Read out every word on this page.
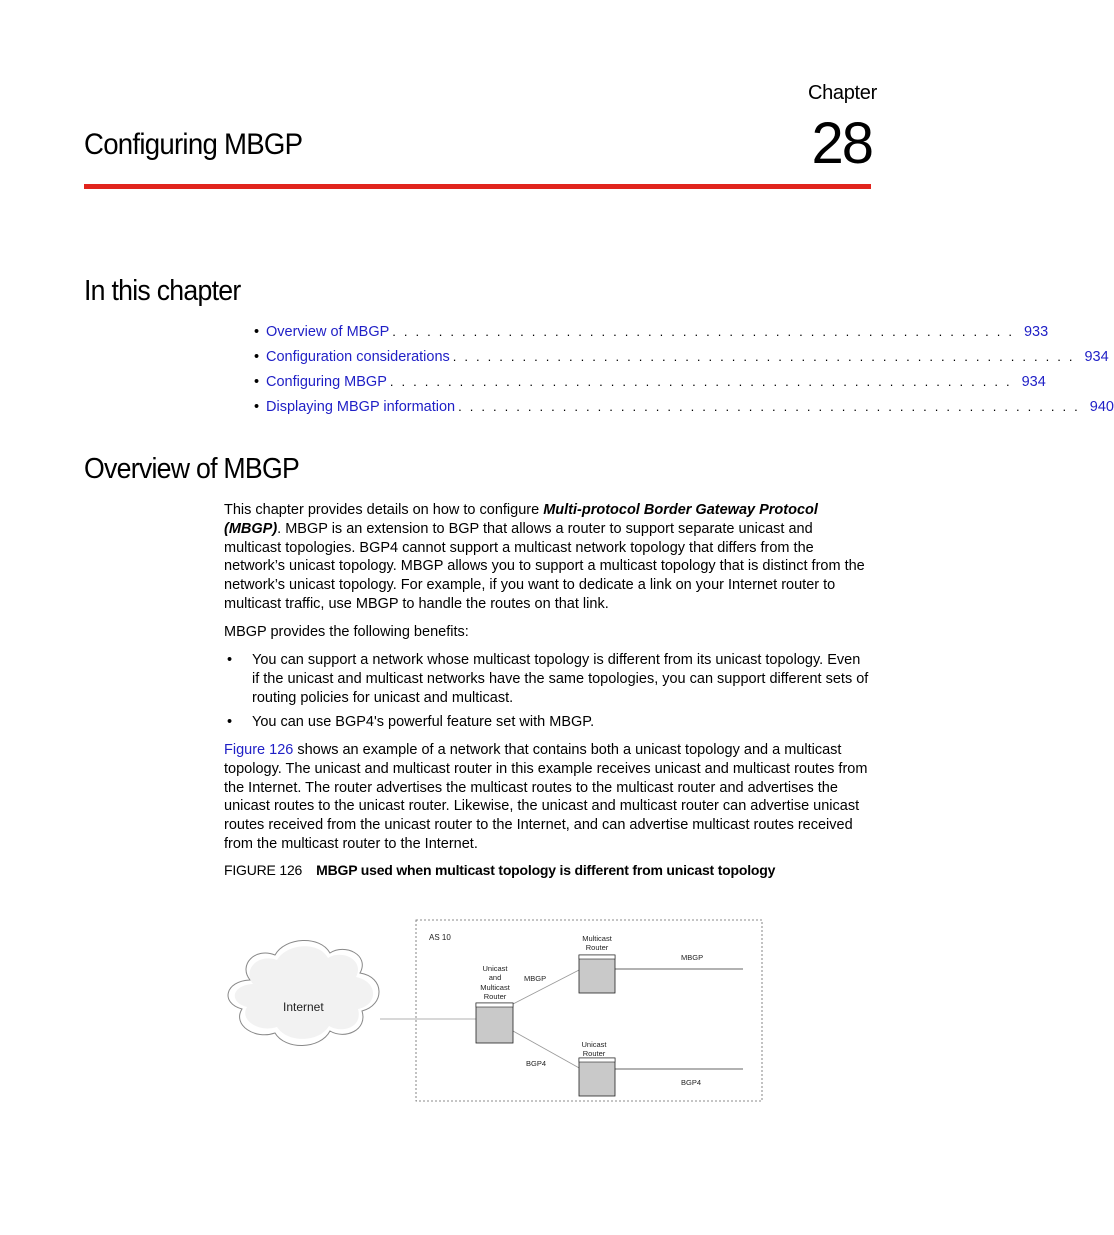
Chapter
28
Configuring MBGP
In this chapter
• Overview of MBGP . . . . . . . . . . . . . . . . . . . . . . . . . . . . . . . . . . . . . . . . . . . . . . . . . . . . . . 933
• Configuration considerations . . . . . . . . . . . . . . . . . . . . . . . . . . . . . . . . . . . . . . . . . . . . . . . . . . . . . . 934
• Configuring MBGP . . . . . . . . . . . . . . . . . . . . . . . . . . . . . . . . . . . . . . . . . . . . . . . . . . . . . . 934
• Displaying MBGP information . . . . . . . . . . . . . . . . . . . . . . . . . . . . . . . . . . . . . . . . . . . . . . . . . . . . . . 940
Overview of MBGP

This chapter provides details on how to configure Multi-protocol Border Gateway Protocol (MBGP). MBGP is an extension to BGP that allows a router to support separate unicast and multicast topologies. BGP4 cannot support a multicast network topology that differs from the network’s unicast topology. MBGP allows you to support a multicast topology that is distinct from the network’s unicast topology. For example, if you want to dedicate a link on your Internet router to multicast traffic, use MBGP to handle the routes on that link.

MBGP provides the following benefits:

• You can support a network whose multicast topology is different from its unicast topology. Even if the unicast and multicast networks have the same topologies, you can support different sets of routing policies for unicast and multicast.
• You can use BGP4's powerful feature set with MBGP.

Figure 126 shows an example of a network that contains both a unicast topology and a multicast topology. The unicast and multicast router in this example receives unicast and multicast routes from the Internet. The router advertises the multicast routes to the multicast router and advertises the unicast routes to the unicast router. Likewise, the unicast and multicast router can advertise unicast routes received from the unicast router to the Internet, and can advertise multicast routes received from the multicast router to the Internet.

FIGURE 126 MBGP used when multicast topology is different from unicast topology
AS 10
Internet
Unicast
and
Multicast
Router
Multicast
Router
Unicast
Router
MBGP
BGP4
MBGP
BGP4
